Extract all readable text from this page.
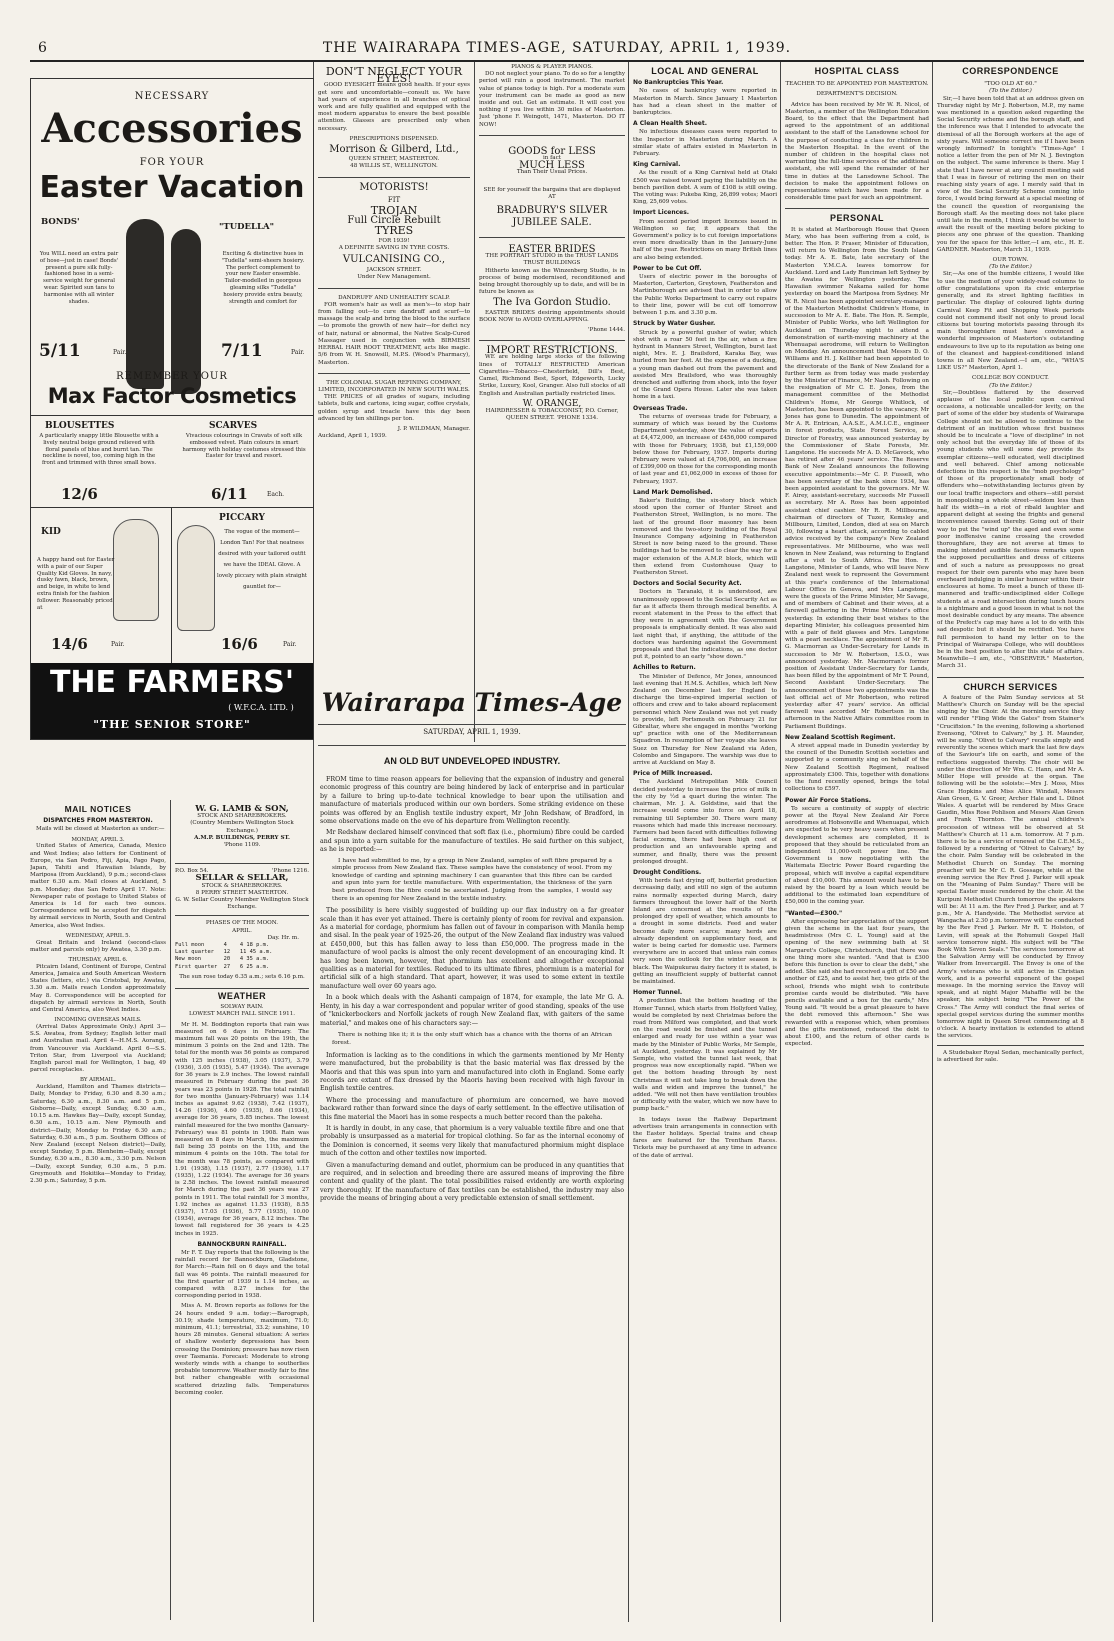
6	THE WAIRARAPA TIMES-AGE, SATURDAY, APRIL 1, 1939.
NECESSARY
Accessories
FOR YOUR
Easter Vacation
BONDS'	"TUDELLA"
You WILL need an extra pair of hose—just in case! Bonds' present a pure silk fully-fashioned hose in a semi-service weight for general wear. Spirited sun tans to harmonise with all winter shades.
Exciting & distinctive hues in "Tudella" semi-sheers hosiery. The perfect complement to your new Easter ensemble. Tailor-modelled in georgous gleaming silks "Tudella" hosiery provide extra beauty, strength and comfort for
5/11	Pair.	7/11	Pair.
REMEMBER YOUR
Max Factor Cosmetics
BLOUSETTES
A particularly snappy little Blousette with a lively neutral beige ground relieved with floral panels of blue and burnt tan. The neckline is novel, too, coming high in the front and trimmed with three small bows.
12/6
SCARVES
Vivacious colourings in Cravats of soft silk embossed velvet. Plain colours in smart harmony with holiday costumes stressed this Easter for travel and resort.
6/11	Each.
KID
A happy hand out for Easter with a pair of our Super Quality Kid Gloves. In navy, dusky fawn, black, brown, and beige, in white to lend extra finish for the fashion follower. Reasonably priced at
14/6	Pair.
PICCARY
The vogue of the moment—London Tan! For that neatness desired with your tailored outfit we have the IDEAL Glove. A lovely piccary with plain straight gauntlet for—
16/6	Pair.
THE FARMERS'
( W.F.C.A. LTD. )
"THE SENIOR STORE"
MAIL NOTICES
DISPATCHES FROM MASTERTON.

Mails will be closed at Masterton as under:—

MONDAY, APRIL 3.

United States of America, Canada, Mexico and West Indies; also letters for Continent of Europe, via San Pedro, Fiji, Apia, Pago Pago, Japan, Tahiti and Hawaiian Islands, by Mariposa (from Auckland), 9 p.m.; second-class matter 6.30 a.m. Mail closes at Auckland, 5 p.m. Monday; due San Pedro April 17. Note: Newspaper rate of postage to United States of America is 1d for each two ounces. Correspondence will be accepted for dispatch by airmail services in North, South and Central America, also West Indies.

WEDNESDAY, APRIL 5.

Great Britain and Ireland (second-class matter and parcels only) by Awatea, 3.30 p.m.

THURSDAY, APRIL 6.

Pitcairn Island, Continent of Europe, Central America, Jamaica and South American Western States (letters, etc.) via Cristobal, by Awatea, 3.30 a.m. Mails reach London approximately May 8. Correspondence will be accepted for dispatch by airmail services in North, South and Central America, also West Indies.

INCOMING OVERSEAS MAILS.

(Arrival Dates Approximate Only.) April 3—S.S. Awatea, from Sydney; English letter mail and Australian mail. April 4—H.M.S. Aorangi, from Vancouver via Auckland. April 6—S.S. Triton Star, from Liverpool via Auckland; English parcel mail for Wellington, 1 bag, 49 parcel receptacles.

BY AIRMAIL.

Auckland, Hamilton and Thames districts—Daily, Monday to Friday, 6.30 and 8.30 a.m.; Saturday, 6.30 a.m., 8.30 a.m. and 5 p.m. Gisborne—Daily, except Sunday, 6.30 a.m., 10.15 a.m. Hawkes Bay—Daily, except Sunday, 6.30 a.m., 10.15 a.m. New Plymouth and district—Daily, Monday to Friday 6.30 a.m.; Saturday, 6.30 a.m., 5 p.m. Southern Offices of New Zealand (except Nelson district)—Daily, except Sunday, 5 p.m. Blenheim—Daily, except Sunday, 6.30 a.m., 8.30 a.m., 3.30 p.m. Nelson—Daily, except Sunday, 6.30 a.m., 5 p.m. Greymouth and Hokitika—Monday to Friday, 2.30 p.m.; Saturday, 5 p.m.

W. G. LAMB & SON,
STOCK AND SHAREBROKERS.
(Country Members Wellington Stock Exchange.)
A.M.P. BUILDINGS, PERRY ST.
'Phone 1109.
P.O. Box 54.	'Phone 1216.
SELLAR & SELLAR,
STOCK & SHAREBROKERS.
8 PERRY STREET MASTERTON.
G. W. Sellar Country Member Wellington Stock Exchange.
PHASES OF THE MOON.
APRIL.
Day. Hr. m.
Full moon      4    4 18 p.m.
Last quarter   12   11 45 a.m.
New moon       20   4 35 a.m.
First quarter  27   6 25 a.m.
The sun rose today 6.35 a.m.; sets 6.16 p.m.
WEATHER
SOLWAY RAIN.
LOWEST MARCH FALL SINCE 1911.

Mr H. M. Boddington reports that rain was measured on 6 days in February. The maximum fall was 20 points on the 19th, the minimum 3 points on the 2nd and 12th. The total for the month was 56 points as compared with 125 inches (1938), 3.05 (1937), 3.79 (1936), 3.05 (1935), 5.47 (1934). The average for 36 years is 2.9 inches. The lowest rainfall measured in February during the past 36 years was 23 points in 1928. The total rainfall for two months (January-February) was 1.14 inches as against 9.62 (1938), 7.42 (1937), 14.26 (1936), 4.60 (1935), 8.66 (1934), average for 36 years, 5.85 inches. The lowest rainfall measured for the two months (January-February) was 81 points in 1908. Rain was measured on 8 days in March, the maximum fall being 35 points on the 11th, and the minimum 4 points on the 10th. The total for the month was 78 points, as compared with 1.91 (1938), 1.15 (1937), 2.77 (1936), 1.17 (1935), 1.22 (1934). The average for 36 years is 2.58 inches. The lowest rainfall measured for March during the past 36 years was 27 points in 1911. The total rainfall for 3 months, 1.92 inches as against 11.53 (1938), 8.55 (1937), 17.03 (1936), 5.77 (1935), 10.00 (1934), average for 36 years, 8.12 inches. The lowest fall registered for 36 years is 4.25 inches in 1925.

BANNOCKBURN RAINFALL.

Mr F. T. Day reports that the following is the rainfall record for Bannockburn, Gladstone, for March:—Rain fell on 6 days and the total fall was 46 points. The rainfall measured for the first quarter of 1939 is 1.14 inches, as compared with 8.27 inches for the corresponding period in 1938.

Miss A. M. Brown reports as follows for the 24 hours ended 9 a.m. today:—Barograph, 30.19; shade temperature, maximum, 71.0; minimum, 41.1; terrestrial, 33.2; sunshine, 10 hours 28 minutes. General situation: A series of shallow westerly depressions has been crossing the Dominion; pressure has now risen over Tasmania. Forecast: Moderate to strong westerly winds with a change to southerlies probable tomorrow. Weather mostly fair to fine but rather changeable with occasional scattered drizzling falls. Temperatures becoming cooler.

DON'T NEGLECT YOUR EYES!

GOOD EYESIGHT means good health. If your eyes get sore and uncomfortable—consult us. We have had years of experience in all branches of optical work and are fully qualified and equipped with the most modern apparatus to ensure the best possible attention. Glasses are prescribed only when necessary.

PRESCRIPTIONS DISPENSED.
Morrison & Gilberd, Ltd.,
QUEEN STREET, MASTERTON.
48 WILLIS ST., WELLINGTON.
MOTORISTS!
FIT
TROJAN
Full Circle Rebuilt
TYRES
FOR 1939!
A DEFINITE SAVING IN TYRE COSTS.
VULCANISING CO.,
JACKSON STREET.
Under New Management.
DANDRUFF AND UNHEALTHY SCALP.

FOR women's hair as well as men's—to stop hair from falling out—to cure dandruff and scurf—to massage the scalp and bring the blood to the surface—to promote the growth of new hair—for defici ncy of hair, natural or abnormal, the Native Scalp-Cured Massager used in conjunction with BIRMESH HERBAL HAIR ROOT TREATMENT, acts like magic. 5/6 from W. H. Snowsill, M.P.S. (Wood's Pharmacy), Masterton.

THE COLONIAL SUGAR REFINING COMPANY, LIMITED, INCORPORATED IN NEW SOUTH WALES.

THE PRICES of all grades of sugars, including tablets, bulk and cartons, icing sugar, coffee crystals, golden syrup and treacle have this day been advanced by ten shillings per ton.

J. P. WILDMAN, Manager.
Auckland, April 1, 1939.
PIANOS & PLAYER PIANOS.

DO not neglect your piano. To do so for a lengthy period will ruin a good instrument. The market value of pianos today is high. For a moderate sum your instrument can be made as good as new inside and out. Get an estimate. It will cost you nothing if you live within 30 miles of Masterton. Just 'phone F. Weingott, 1471, Masterton. DO IT NOW!

GOODS for LESS
in fact
MUCH LESS
Than Their Usual Prices.
SEE for yourself the bargains that are displayed
AT
BRADBURY'S SILVER JUBILEE SALE.
EASTER BRIDES
THE PORTRAIT STUDIO in the TRUST LANDS TRUST BUILDINGS

Hitherto known as the Winzenberg Studio, is in process of being modernised, reconditioned and being brought thoroughly up to date, and will be in future be known as

The Iva Gordon Studio.

EASTER BRIDES desiring appointments should BOOK NOW to AVOID OVERLAPPING.

'Phone 1444.
IMPORT RESTRICTIONS.

WE are holding large stocks of the following lines of TOTALLY RESTRICTED American Cigarettes—Tobacco—Chesterfield, Dill's Best, Camel, Richmond Best, Sport, Edgeworth, Lucky Strike, Luxury, Kool, Granger. Also full stocks of all English and Australian partially restricted lines.

W. ORANGE,
HAIRDRESSER & TOBACCONIST, P.O. Corner, QUEEN STREET. 'PHONE 1334.
Wairarapa Times-Age
SATURDAY, APRIL 1, 1939.
AN OLD BUT UNDEVELOPED INDUSTRY.

FROM time to time reason appears for believing that the expansion of industry and general economic progress of this country are being hindered by lack of enterprise and in particular by a failure to bring up-to-date technical knowledge to bear upon the utilisation and manufacture of materials produced within our own borders. Some striking evidence on these points was offered by an English textile industry expert, Mr John Redshaw, of Bradford, in some observations made on the eve of his departure from Wellington recently.

Mr Redshaw declared himself convinced that soft flax (i.e., phormium) fibre could be carded and spun into a yarn suitable for the manufacture of textiles. He said further on this subject, as he is reported:—

I have had submitted to me, by a group in New Zealand, samples of soft fibre prepared by a simple process from New Zealand flax. These samples have the consistency of wool. From my knowledge of carding and spinning machinery I can guarantee that this fibre can be carded and spun into yarn for textile manufacture. With experimentation, the thickness of the yarn best produced from the fibre could be ascertained. Judging from the samples, I would say there is an opening for New Zealand in the textile industry.

The possibility is here visibly suggested of building up our flax industry on a far greater scale than it has ever yet attained. There is certainly plenty of room for revival and expansion. As a material for cordage, phormium has fallen out of favour in comparison with Manila hemp and sisal. In the peak year of 1925-26, the output of the New Zealand flax industry was valued at £450,000, but this has fallen away to less than £50,000. The progress made in the manufacture of wool packs is almost the only recent development of an encouraging kind. It has long been known, however, that phormium has excellent and altogether exceptional qualities as a material for textiles. Reduced to its ultimate fibres, phormium is a material for artificial silk of a high standard. That apart, however, it was used to some extent in textile manufacture well over 60 years ago.

In a book which deals with the Ashanti campaign of 1874, for example, the late Mr G. A. Henty, in his day a war correspondent and popular writer of good standing, speaks of the use of "knickerbockers and Norfolk jackets of rough New Zealand flax, with gaiters of the same material," and makes one of his characters say:—

There is nothing like it; it is the only stuff which has a chance with the thorns of an African forest.

Information is lacking as to the conditions in which the garments mentioned by Mr Henty were manufactured, but the probability is that the basic material was flax dressed by the Maoris and that this was spun into yarn and manufactured into cloth in England. Some early records are extant of flax dressed by the Maoris having been received with high favour in English textile centres.

Where the processing and manufacture of phormium are concerned, we have moved backward rather than forward since the days of early settlement. In the effective utilisation of this fine material the Maori has in some respects a much better record than the pakeha.

It is hardly in doubt, in any case, that phormium is a very valuable textile fibre and one that probably is unsurpassed as a material for tropical clothing. So far as the internal economy of the Dominion is concerned, it seems very likely that manufactured phormium might displace much of the cotton and other textiles now imported.

Given a manufacturing demand and outlet, phormium can be produced in any quantities that are required, and in selection and breeding there are assured means of improving the fibre content and quality of the plant. The total possibilities raised evidently are worth exploring very thoroughly. If the manufacture of flax textiles can be established, the industry may also provide the means of bringing about a very predictable extension of small settlement.

LOCAL AND GENERAL
No Bankruptcies This Year.

No cases of bankruptcy were reported in Masterton in March. Since January 1 Masterton has had a clean sheet in the matter of bankruptcies.

A Clean Health Sheet.

No infectious diseases cases were reported to the Inspector in Masterton during March. A similar state of affairs existed in Masterton in February.

King Carnival.

As the result of a King Carnival held at Otaki £500 was raised toward paying the liability on the bench pavilion debt. A sum of £108 is still owing. The voting was: Pukeba King, 26,899 votes; Maori King, 25,609 votes.

Import Licences.

From second period import licences issued in Wellington so far, it appears that the Government's policy is to cut foreign importations even more drastically than in the January-June half of the year. Restrictions on many British lines are also being extended.

Power to be Cut Off.

Users of electric power in the boroughs of Masterton, Carterton, Greytown, Featherston and Martinborough are advised that in order to allow the Public Works Department to carry out repairs to their line, power will be cut off tomorrow between 1 p.m. and 3.30 p.m.

Struck by Water Gusher.

Struck by a powerful gusher of water, which shot with a roar 50 feet in the air, when a fire hydrant in Manners Street, Wellington, burst last night, Mrs. E. J. Brailsford, Karaka Bay, was hurled from her feet. At the expense of a ducking, a young man dashed out from the pavement and assisted Mrs Brailsford, who was thoroughly drenched and suffering from shock, into the foyer of the Grand Opera House. Later she was taken home in a taxi.

Overseas Trade.

The returns of overseas trade for February, a summary of which was issued by the Customs Department yesterday, show the value of exports at £4,472,000, an increase of £456,000 compared with those for February, 1938, but £1,159,000 below those for February, 1937. Imports during February were valued at £4,706,000, an increase of £399,000 on those for the corresponding month of last year and £1,062,000 in excess of those for February, 1937.

Land Mark Demolished.

Baker's Building, the six-story block which stood upon the corner of Hunter Street and Featherston Street, Wellington, is no more. The last of the ground floor masonry has been removed and the two-story building of the Royal Insurance Company adjoining in Featherston Street is now being razed to the ground. These buildings had to be removed to clear the way for a major extension of the A.M.P. block, which will then extend from Customhouse Quay to Featherston Street.

Doctors and Social Security Act.

Doctors in Taranaki, it is understood, are unanimously opposed to the Social Security Act as far as it affects them through medical benefits. A recent statement in the Press to the effect that they were in agreement with the Government proposals is emphatically denied. It was also said last night that, if anything, the attitude of the doctors was hardening against the Government proposals and that the indications, as one doctor put it, pointed to an early "show down."

Achilles to Return.

The Minister of Defence, Mr Jones, announced last evening that H.M.S. Achilles, which left New Zealand on December last for England to discharge the time-expired imperial section of officers and crew and to take aboard replacement personnel which New Zealand was not yet ready to provide, left Portsmouth on February 21 for Gibraltar, where she engaged in months "working up" practice with one of the Mediterranean Squadron. In resumption of her voyage she leaves Suez on Thursday for New Zealand via Aden, Colombo and Singapore. The warship was due to arrive at Auckland on May 8.

Price of Milk Increased.

The Auckland Metropolitan Milk Council decided yesterday to increase the price of milk in the city by ½d a quart during the winter. The chairman, Mr. J. A. Goldstine, said that the increase would come into force on April 18, remaining till September 30. There were many reasons which had made this increase necessary. Farmers had been faced with difficulties following facial eczema, there had been high cost of production and an unfavourable spring and summer, and finally, there was the present prolonged drought.

Drought Conditions.

With herds fast drying off, butterfat production decreasing daily, and still no sign of the autumn rains normally expected during March, dairy farmers throughout the lower half of the North Island are concerned at the results of the prolonged dry spell of weather, which amounts to a drought in some districts. Feed and water become daily more scarce; many herds are already dependent on supplementary feed, and water is being carted for domestic use. Farmers everywhere are in accord that unless rain comes very soon the outlook for the winter season is black. The Waipukurau dairy factory it is stated, is getting an insufficient supply of butterfat cannot be maintained.

Homer Tunnel.

A prediction that the bottom heading of the Homer Tunnel, which starts from Hollyford Valley, would be completed by next Christmas before the road from Milford was completed, and that work on the road would be finished and the tunnel enlarged and ready for use within a year was made by the Minister of Public Works, Mr Semple, at Auckland, yesterday. It was explained by Mr Semple, who visited the tunnel last week, that progress was now exceptionally rapid. "When we get the bottom heading through by next Christmas it will not take long to break down the walls and widen and improve the tunnel," he added. "We will not then have ventilation troubles or difficulty with the water, which we now have to pump back."

In todays issue the Railway Department advertises train arrangements in connection with the Easter holidays. Special trains and cheap fares are featured for the Trentham Races. Tickets may be purchased at any time in advance of the date of arrival.

HOSPITAL CLASS
TEACHER TO BE APPOINTED FOR MASTERTON.
DEPARTMENT'S DECISION.

Advice has been received by Mr W. R. Nicol, of Masterton, a member of the Wellington Education Board, to the effect that the Department had agreed to the appointment of an additional assistant to the staff of the Lansdowne school for the purpose of conducting a class for children in the Masterton Hospital. In the event of the number of children in the hospital class not warranting the full-time services of the additional assistant, she will spend the remainder of her time in duties at the Lansdowne School. The decision to make the appointment follows on representations which have been made for a considerable time past for such an appointment.

PERSONAL

It is stated at Marlborough House that Queen Mary, who has been suffering from a cold, is better. The Hon. P. Fraser, Minister of Education, will return to Wellington from the South Island today. Mr A. E. Bate, late secretary of the Masterton Y.M.C.A. leaves tomorrow for Auckland. Lord and Lady Runciman left Sydney by the Awatea for Wellington yesterday. The Hawaiian swimmer Nakama sailed for home yesterday on board the Mariposa from Sydney. Mr W. R. Nicol has been appointed secretary-manager of the Masterton Methodist Children's Home, in succession to Mr A. E. Bate. The Hon. R. Semple, Minister of Public Works, who left Wellington for Auckland on Thursday night to attend a demonstration of earth-moving machinery at the Whenuapai aerodrome, will return to Wellington on Monday. An announcement that Messrs D. O. Williams and H. J. Kelliher had been appointed to the directorate of the Bank of New Zealand for a further term as from today was made yesterday by the Minister of Finance, Mr Nash. Following on the resignation of Mr C. E. Jones, from the management committee of the Methodist Children's Home, Mr George Whitlock, of Masterton, has been appointed to the vacancy. Mr Jones has gone to Dunedin. The appointment of Mr A. R. Entrican, A.A.S.E., A.M.I.C.E., engineer in forest products, State Forest Service, as Director of Forestry, was announced yesterday by the Commissioner of State Forests, Mr. Langstone. He succeeds Mr A. D. McGavock, who has retired after 46 years' service. The Reserve Bank of New Zealand announces the following executive appointments:—Mr C. P. Fussell, who has been secretary of the bank since 1934, has been appointed assistant to the governors. Mr W. F. Airey, assistant-secretary, succeeds Mr Fussell as secretary. Mr A. Ross has been appointed assistant chief cashier. Mr R. R. Millbourne, chairman of directors of Tuzer, Kemsley and Millbourn, Limited, London, died at sea on March 30, following a heart attack, according to cabled advice received by the company's New Zealand representatives. Mr Millbourne, who was well known in New Zealand, was returning to England after a visit to South Africa. The Hon. F. Langstone, Minister of Lands, who will leave New Zealand next week to represent the Government at this year's conference of the International Labour Office in Geneva, and Mrs Langstone, were the guests of the Prime Minister, Mr Savage, and of members of Cabinet and their wives, at a farewell gathering in the Prime Minister's office yesterday. In extending their best wishes to the departing Minister, his colleagues presented him with a pair of field glasses and Mrs. Langstone with a pearl necklace. The appointment of Mr R. G. Macmorran as Under-Secretary for Lands in succession to Mr W. Robertson, I.S.O., was announced yesterday. Mr. Macmorran's former position of Assistant Under-Secretary for Lands, has been filled by the appointment of Mr T. Pound, Second Assistant Under-Secretary. The announcement of these two appointments was the last official act of Mr Robertson, who retired yesterday after 47 years' service. An official farewell was accorded Mr Robertson in the afternoon in the Native Affairs committee room in Parliament Buildings.

New Zealand Scottish Regiment.

A street appeal made in Dunedin yesterday by the council of the Dunedin Scottish societies and supported by a community sing on behalf of the New Zealand Scottish Regiment, realised approximately £300. This, together with donations to the fund recently opened, brings the total collections to £597.

Power Air Force Stations.

To secure a continuity of supply of electric power at the Royal New Zealand Air Force aerodromes at Hobsonville and Whenuapai, which are expected to be very heavy users when present development schemes are completed, it is proposed that they should be reticulated from an independent 11,000-volt power line. The Government is now negotiating with the Waitemata Electric Power Board regarding the proposal, which will involve a capital expenditure of about £10,000. This amount would have to be raised by the board by a loan which would be additional to the estimated loan expenditure of £50,000 in the coming year.

"Wanted—£300."

After expressing her appreciation of the support given the scheme in the last four years, the headmistress (Mrs C. L. Young) said at the opening of the new swimming bath at St Margaret's College, Christchurch, that there was one thing more she wanted. "And that is £300 before this function is over to clear the debt," she added. She said she had received a gift of £50 and another of £25, and to assist her, two girls of the school, friends who might wish to contribute promise cards would be distributed. "We have pencils available and a box for the cards," Mrs Young said. "It would be a great pleasure to have the debt removed this afternoon." She was rewarded with a response which, when promises and the gifts mentioned, reduced the debt to about £100, and the return of other cards is expected.

CORRESPONDENCE
"TOO OLD AT 60."
(To the Editor.)

Sir,—I have been told that at an address given on Thursday night by Mr J. Robertson, M.P., my name was mentioned in a question asked regarding the Social Security scheme and the borough staff, and the inference was that I intended to advocate the dismissal of all the Borough workers at the age of sixty years. Will someone correct me if I have been wrongly informed? In tonight's "Times-Age" I notice a letter from the pen of Mr N. J. Bevington on the subject. The same inference is there. May I state that I have never at any council meeting said that I was in favour of retiring the men on their reaching sixty years of age. I merely said that in view of the Social Security Scheme coming into force, I would bring forward at a special meeting of the council the question of reorganising the Borough staff. As the meeting does not take place until late in the month, I think it would be wiser to await the result of the meeting before picking to pieces any one phrase of the question. Thanking you for the space for this letter,—I am, etc., H. E. GARDNER. Masterton, March 31, 1939.

OUR TOWN.
(To the Editor.)

Sir,—As one of the humble citizens, I would like to use the medium of your widely-read columns to offer congratulations upon its civic enterprise generally, and its street lighting facilities in particular. The display of coloured lights during Carnival Keep Fit and Shopping Week periods could not commend itself not only to proud local citizens but touring motorists passing through its main thoroughfare must have convinced a wonderful impression of Masterton's outstanding endeavours to live up to its reputation as being one of the cleanest and happiest-conditioned inland towns in all New Zealand.—I am, etc., "WHA'S LIKE US?" Masterton, April 1.

COLLEGE BOY CONDUCT.
(To the Editor.)

Sir,—Doubtless flattered by the deserved applause of the local public upon carnival occasions, a noticeable uncalled-for levity, on the part of some of the elder boy students of Wairarapa College should not be allowed to continue to the detriment of an institution whose first business should be to inculcate a "love of discipline" in not only school but the everyday life of those of its young students who will some day provide its exemplar citizens—well educated, well disciplined and well behaved. Chief among noticeable defections in this respect is the "mob psychology" of those of its proportionately small body of offenders who—notwithstanding lectures given by our local traffic inspectors and others—still persist in monopolising a whole street—seldom less than half its width—in a riot of ribald laughter and apparent delight at seeing the frights and general inconvenience caused thereby. Going out of their way to put the "wind up" the aged and even some poor inoffensive canine crossing the crowded thoroughfare, they are not averse at times to making intended audible facetious remarks upon the supposed peculiarities and dress of citizens and of such a nature as presupposes no great respect for their own parents who may have been overheard indulging in similar humour within their enclosures at home. To meet a bunch of these ill-mannered and traffic-undisciplined elder College students at a road intersection during lunch hours is a nightmare and a good lesson in what is not the most desirable conduct by any means. The absence of the Prefect's cap may have a lot to do with this sad despotic but it should be rectified. You have full permission to hand my letter on to the Principal of Wairarapa College, who will doubtless be in the best position to alter this state of affairs. Meanwhile—I am, etc., "OBSERVER." Masterton, March 31.

CHURCH SERVICES

A feature of the Palm Sunday services at St Matthew's Church on Sunday will be the special singing by the Choir. At the morning service they will render "Fling Wide the Gates" from Stainer's "Crucifixion." In the evening, following a shortened Evensong, "Olivet to Calvary," by J. H. Maunder, will be sung. "Olivet to Calvary" recalls simply and reverently the scenes which mark the last few days of the Saviour's life on earth, and some of the reflections suggested thereby. The choir will be under the direction of Mr Wm. C. Hann, and Mr A. Miller Hope will preside at the organ. The following will be the soloists:—Mrs J. Moss, Miss Grace Hopkins and Miss Alice Windall, Messrs Alan Green, G. V. Greer, Archer Hale and L. Dilnot Wales. A quartet will be rendered by Miss Grace Gaudin, Miss Rose Pohlison and Messrs Alan Green and Frank Thornton. The annual children's procession of witness will be observed at St Matthew's Church at 11 a.m. tomorrow. At 7 p.m. there is to be a service of renewal of the C.E.M.S., followed by a rendering of "Olivet to Calvary," by the choir. Palm Sunday will be celebrated in the Methodist Church on Sunday. The morning preacher will be Mr C. R. Gossage, while at the evening service the Rev Fred J. Parker will speak on the "Meaning of Palm Sunday." There will be special Easter music rendered by the choir. At the Kuripuni Methodist Church tomorrow the speakers will be: At 11 a.m. the Rev Fred J. Parker, and at 7 p.m., Mr A. Handyside. The Methodist service at Wangacha at 2.30 p.m. tomorrow will be conducted by the Rev Fred J. Parker. Mr R. T. Holston, of Levin, will speak at the Rohumuli Gospel Hall service tomorrow night. His subject will be "The Book With Seven Seals." The services tomorrow at the Salvation Army will be conducted by Envoy Walker from Invercargill. The Envoy is one of the Army's veterans who is still active in Christian work, and is a powerful exponent of the gospel message. In the morning service the Envoy will speak, and at night Major Mahaffie will be the speaker, his subject being "The Power of the Cross." The Army will conduct the final series of special gospel services during the summer months tomorrow night in Queen Street commencing at 8 o'clock. A hearty invitation is extended to attend the services.

A Studebaker Royal Sedan, mechanically perfect, is advertised for sale.
